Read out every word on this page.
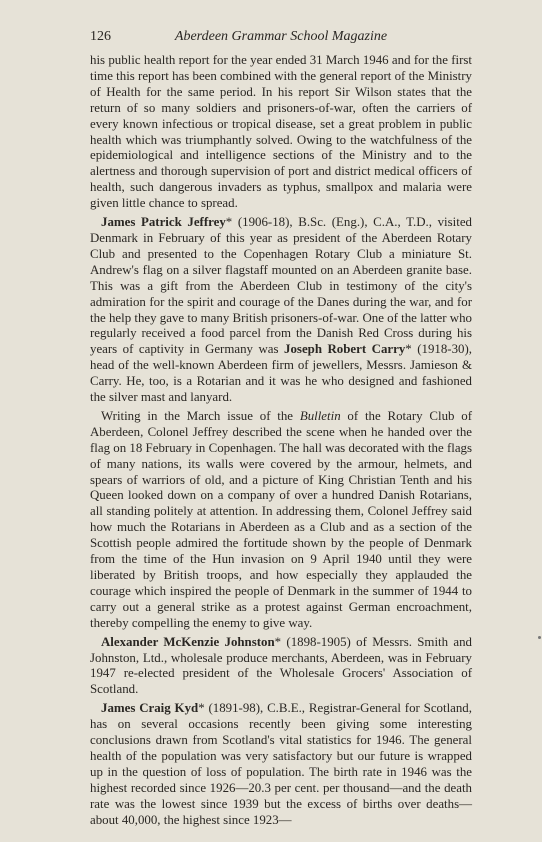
126	Aberdeen Grammar School Magazine

his public health report for the year ended 31 March 1946 and for the first time this report has been combined with the general report of the Ministry of Health for the same period. In his report Sir Wilson states that the return of so many soldiers and prisoners-of-war, often the carriers of every known infectious or tropical disease, set a great problem in public health which was triumphantly solved. Owing to the watchfulness of the epidemiological and intelligence sections of the Ministry and to the alertness and thorough supervision of port and district medical officers of health, such dangerous invaders as typhus, smallpox and malaria were given little chance to spread.

James Patrick Jeffrey* (1906-18), B.Sc. (Eng.), C.A., T.D., visited Denmark in February of this year as president of the Aberdeen Rotary Club and presented to the Copenhagen Rotary Club a miniature St. Andrew's flag on a silver flagstaff mounted on an Aberdeen granite base. This was a gift from the Aberdeen Club in testimony of the city's admiration for the spirit and courage of the Danes during the war, and for the help they gave to many British prisoners-of-war. One of the latter who regularly received a food parcel from the Danish Red Cross during his years of captivity in Germany was Joseph Robert Carry* (1918-30), head of the well-known Aberdeen firm of jewellers, Messrs. Jamieson & Carry. He, too, is a Rotarian and it was he who designed and fashioned the silver mast and lanyard.

Writing in the March issue of the Bulletin of the Rotary Club of Aberdeen, Colonel Jeffrey described the scene when he handed over the flag on 18 February in Copenhagen. The hall was decorated with the flags of many nations, its walls were covered by the armour, helmets, and spears of warriors of old, and a picture of King Christian Tenth and his Queen looked down on a company of over a hundred Danish Rotarians, all standing politely at attention. In addressing them, Colonel Jeffrey said how much the Rotarians in Aberdeen as a Club and as a section of the Scottish people admired the fortitude shown by the people of Denmark from the time of the Hun invasion on 9 April 1940 until they were liberated by British troops, and how especially they applauded the courage which inspired the people of Denmark in the summer of 1944 to carry out a general strike as a protest against German encroachment, thereby compelling the enemy to give way.

Alexander McKenzie Johnston* (1898-1905) of Messrs. Smith and Johnston, Ltd., wholesale produce merchants, Aberdeen, was in February 1947 re-elected president of the Wholesale Grocers' Association of Scotland.

James Craig Kyd* (1891-98), C.B.E., Registrar-General for Scotland, has on several occasions recently been giving some interesting conclusions drawn from Scotland's vital statistics for 1946. The general health of the population was very satisfactory but our future is wrapped up in the question of loss of population. The birth rate in 1946 was the highest recorded since 1926—20.3 per cent. per thousand—and the death rate was the lowest since 1939 but the excess of births over deaths—about 40,000, the highest since 1923—
